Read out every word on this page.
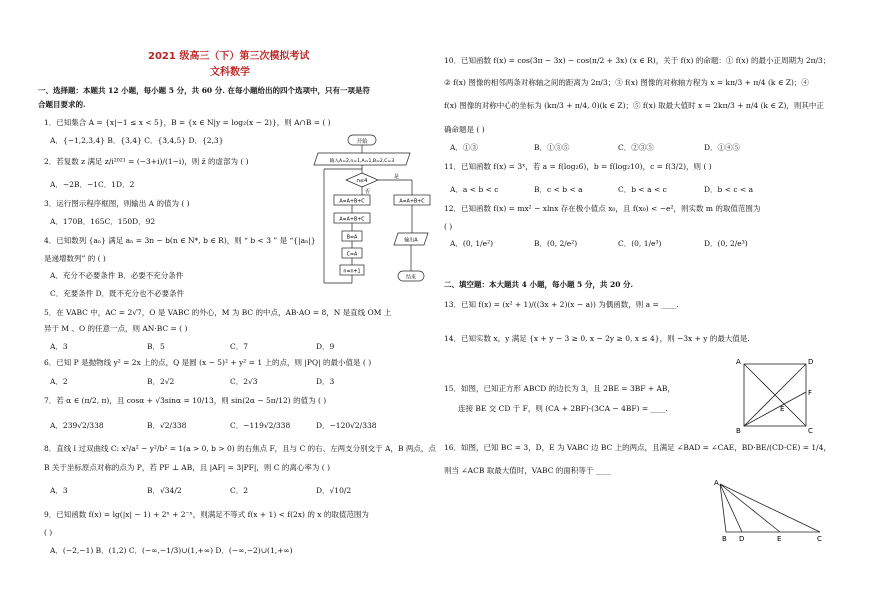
2021 级高三（下）第三次模拟考试
文科数学
一、选择题：本题共 12 小题，每小题 5 分，共 60 分. 在每小题给出的四个选项中，只有一项是符
合题目要求的.
1．已知集合 A = {x|−1 ≤ x < 5}，B = {x ∈ N|y = log₂(x − 2)}，则 A∩B = ( )
A．{−1,2,3,4} B．{3,4} C．{3,4,5} D．{2,3}
2．若复数 z 满足 z/i²⁰²¹ = (−3+i)/(1−i)，则 z̄ 的虚部为 ( )
A．−2B．−1C．1D．2
3．运行图示程序框图，则输出 A 的值为 ( )
A．170B．165C．150D．92
4．已知数列 {aₙ} 满足 aₙ = 3n − b(n ∈ N*, b ∈ R)，则 “ b < 3 ” 是 “{|aₙ|}
是递增数列” 的 ( )
A．充分不必要条件 B．必要不充分条件
C．充要条件 D．既不充分也不必要条件
5．在 VABC 中，AC = 2√7，O 是 VABC 的外心，M 为 BC 的中点，AB·AO = 8，N 是直线 OM 上
异于 M 、O 的任意一点，则 AN·BC = ( )
A．3	B．5	C．7	D．9
6．已知 P 是抛物线 y² = 2x 上的点，Q 是圆 (x − 5)² + y² = 1 上的点，则 |PQ| 的最小值是 ( )
A．2	B．2√2	C．2√3	D．3
7．若 α ∈ (π/2, π)，且 cosα + √3sinα = 10/13，则 sin(2α − 5π/12) 的值为 ( )
A．239√2/338	B．√2/338	C．−119√2/338	D．−120√2/338
8．直线 l 过双曲线 C: x²/a² − y²/b² = 1(a > 0, b > 0) 的右焦点 F，且与 C 的右、左两支分别交于 A，B 两点，点
B 关于坐标原点对称的点为 P，若 PF ⊥ AB，且 |AF| = 3|PF|，则 C 的离心率为 ( )
A．3	B．√34/2	C．2	D．√10/2
9．已知函数 f(x) = lg(|x| − 1) + 2ˣ + 2⁻ˣ，则满足不等式 f(x + 1) < f(2x) 的 x 的取值范围为
( )
A．(−2,−1) B．(1,2) C．(−∞,−1/3)∪(1,+∞) D．(−∞,−2)∪(1,+∞)
开始
输入A=2,n=1,A=1,B=2,C=3
n≤4
是
否
A=A+B+C
A=A+B+C
B=A
C=A
n=n+1
A=A+B+C
输出A
结束
10．已知函数 f(x) = cos(3π − 3x) − cos(π/2 + 3x) (x ∈ R)，关于 f(x) 的命题：① f(x) 的最小正周期为 2π/3；
② f(x) 图像的相邻两条对称轴之间的距离为 2π/3；③ f(x) 图像的对称轴方程为 x = kπ/3 + π/4 (k ∈ Z)；④
f(x) 图像的对称中心的坐标为 (kπ/3 + π/4, 0)(k ∈ Z)；⑤ f(x) 取最大值时 x = 2kπ/3 + π/4 (k ∈ Z)，则其中正
确命题是 ( )
A．①③	B．①③⑤	C．②③⑤	D．①④⑤
11．已知函数 f(x) = 3ˣ，若 a = f(log₂6)，b = f(log₂10)，c = f(3/2)，则 ( )
A．a < b < c	B．c < b < a	C．b < a < c	D．b < c < a
12．已知函数 f(x) = mx² − xlnx 存在极小值点 x₀，且 f(x₀) < −e²，则实数 m 的取值范围为
( )
A．(0, 1/e²)	B．(0, 2/e²)	C．(0, 1/e³)	D．(0, 2/e³)
二、填空题：本大题共 4 小题，每小题 5 分，共 20 分.
13．已知 f(x) = (x² + 1)/((3x + 2)(x − a)) 为偶函数，则 a = ____.
14．已知实数 x，y 满足 {x + y − 3 ≥ 0, x − 2y ≥ 0, x ≤ 4}，则 −3x + y 的最大值是.
15．如图，已知正方形 ABCD 的边长为 3，且 2BE = 3BF + AB，
连接 BE 交 CD 于 F，则 (CA + 2BF)·(3CA − 4BF) = ____.
16．如图，已知 BC = 3，D，E 为 VABC 边 BC 上的两点，且满足 ∠BAD = ∠CAE，BD·BE/(CD·CE) = 1/4，
则当 ∠ACB 取最大值时，VABC 的面积等于 ____
A	D
B	C
F
E
A
B D	E	C
